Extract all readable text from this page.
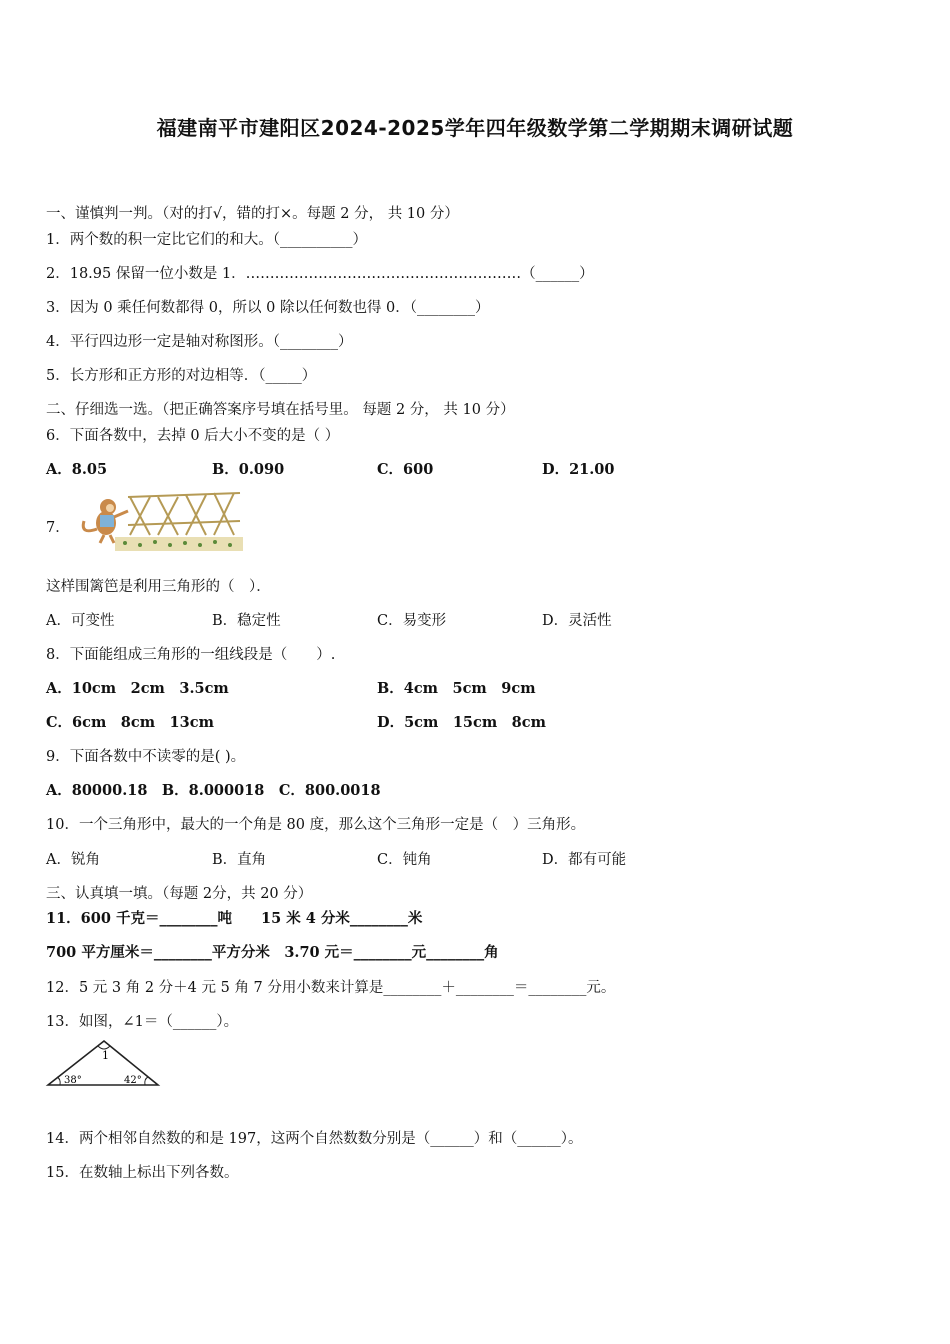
福建南平市建阳区2024-2025学年四年级数学第二学期期末调研试题
一、谨慎判一判。（对的打√，错的打×。每题 2 分， 共 10 分）
1．两个数的积一定比它们的和大。（__________）
2．18.95 保留一位小数是 1．…………………………………………………（______）
3．因为 0 乘任何数都得 0，所以 0 除以任何数也得 0．（________）
4．平行四边形一定是轴对称图形。（________）
5．长方形和正方形的对边相等．（_____）
二、仔细选一选。（把正确答案序号填在括号里。 每题 2 分， 共 10 分）
6．下面各数中，去掉 0 后大小不变的是（ ）
A．8.05	B．0.090	C．600	D．21.00
7．
这样围篱笆是利用三角形的（　）．
A．可变性	B．稳定性	C．易变形	D．灵活性
8．下面能组成三角形的一组线段是（　　）.
A．10cm　2cm　3.5cm	B．4cm　5cm　9cm
C．6cm　8cm　13cm	D．5cm　15cm　8cm
9．下面各数中不读零的是( )。
A．80000.18　B．8.000018　C．800.0018
10．一个三角形中，最大的一个角是 80 度，那么这个三角形一定是（　）三角形。
A．锐角	B．直角	C．钝角	D．都有可能
三、认真填一填。（每题 2分，共 20 分）
11．600 千克＝________吨　　15 米 4 分米________米
700 平方厘米＝________平方分米　3.70 元＝________元________角
12．5 元 3 角 2 分＋4 元 5 角 7 分用小数来计算是________＋________＝________元。
13．如图，∠1＝（______）。
1
38°	42°
14．两个相邻自然数的和是 197，这两个自然数数分别是（______）和（______）。
15．在数轴上标出下列各数。
